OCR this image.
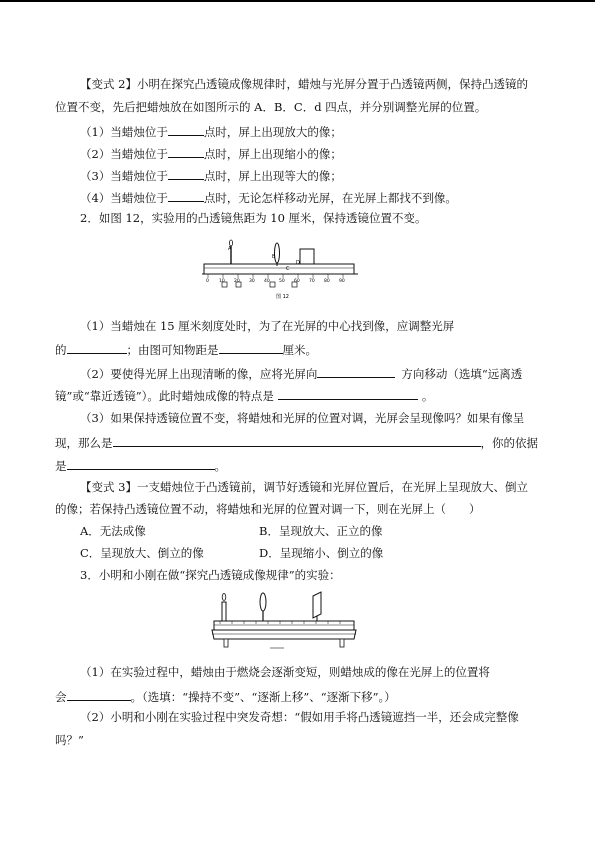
【变式 2】小明在探究凸透镜成像规律时，蜡烛与光屏分置于凸透镜两侧，保持凸透镜的
位置不变，先后把蜡烛放在如图所示的 A．B．C．d 四点，并分别调整光屏的位置。
（1）当蜡烛位于	点时，屏上出现放大的像；
（2）当蜡烛位于	点时，屏上出现缩小的像；
（3）当蜡烛位于	点时，屏上出现等大的像；
（4）当蜡烛位于	点时，无论怎样移动光屏，在光屏上都找不到像。
2．如图 12，实验用的凸透镜焦距为 10 厘米，保持透镜位置不变。
A
B
C
D
0 10 20 30 40 50 60 70 80 90
图 12
（1）当蜡烛在 15 厘米刻度处时，为了在光屏的中心找到像，应调整光屏
的	；由图可知物距是	厘米。
（2）要使得光屏上出现清晰的像，应将光屏向	方向移动（选填“远离透
镜”或“靠近透镜”）。此时蜡烛成像的特点是	。
（3）如果保持透镜位置不变，将蜡烛和光屏的位置对调，光屏会呈现像吗？如果有像呈
现，那么是	，你的依据
是	。
【变式 3】一支蜡烛位于凸透镜前，调节好透镜和光屏位置后，在光屏上呈现放大、倒立
的像；若保持凸透镜位置不动，将蜡烛和光屏的位置对调一下，则在光屏上（　　）
A．无法成像	B．呈现放大、正立的像
C．呈现放大、倒立的像	D．呈现缩小、倒立的像
3．小明和小刚在做“探究凸透镜成像规律”的实验：
（1）在实验过程中，蜡烛由于燃烧会逐渐变短，则蜡烛成的像在光屏上的位置将
会	。（选填：“操持不变”、“逐渐上移”、“逐渐下移”。）
（2）小明和小刚在实验过程中突发奇想：“假如用手将凸透镜遮挡一半，还会成完整像
吗？”
